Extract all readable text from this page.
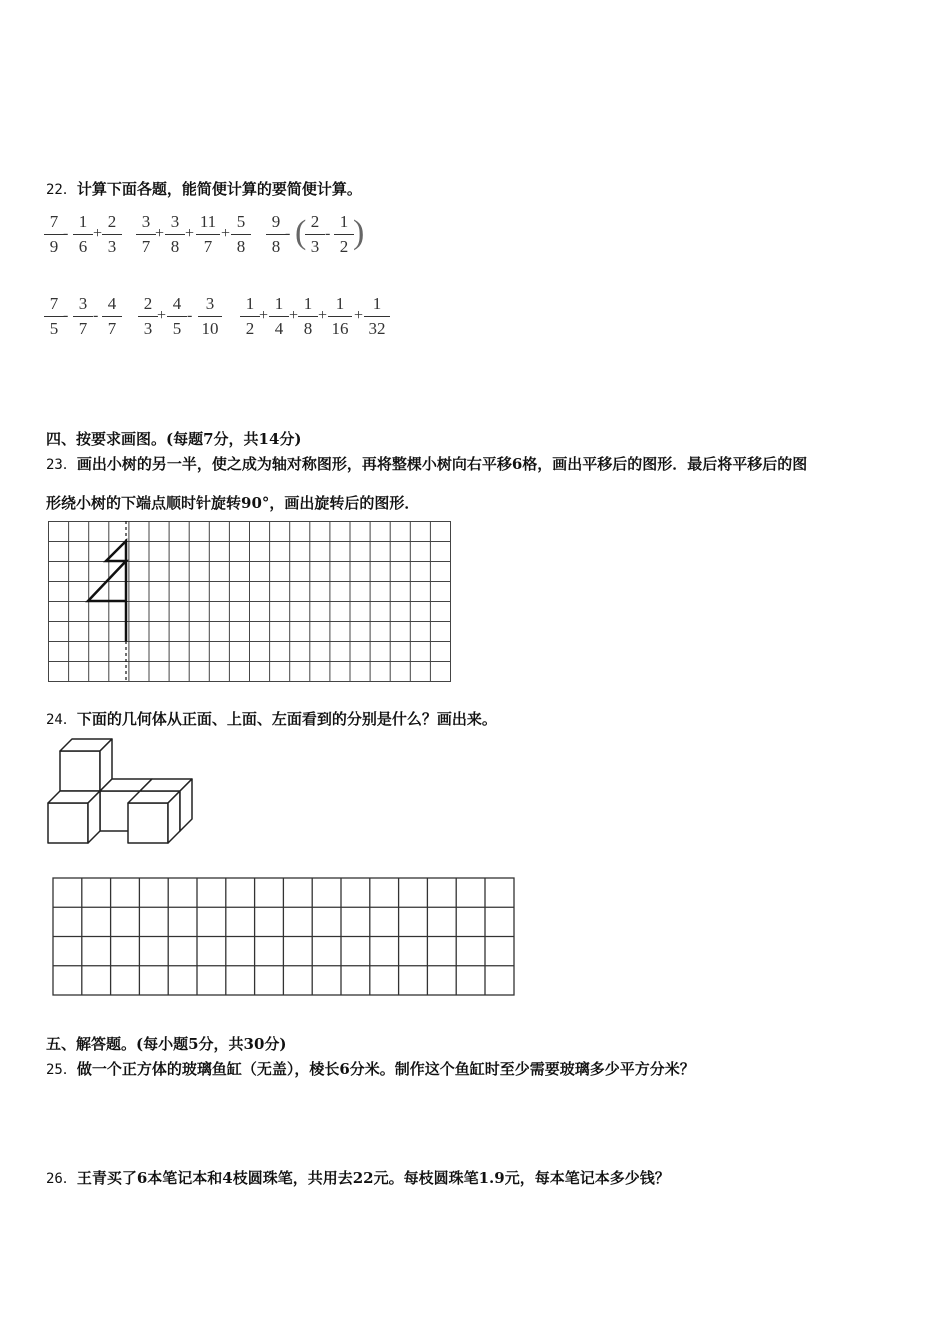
22．计算下面各题，能简便计算的要简便计算。
7
9
-
1
6
+
2
3
3
7
+
3
8
+
11
7
+
5
8
9
8
- ( 2
3
-
1
2 )
7
5
-
3
7
-
4
7
2
3
+
4
5
-
3
10
1
2
+
1
4
+
1
8
+
1
16
+
1
32
四、按要求画图。(每题7分，共14分)
23．画出小树的另一半，使之成为轴对称图形，再将整棵小树向右平移6格，画出平移后的图形．最后将平移后的图
形绕小树的下端点顺时针旋转90°，画出旋转后的图形．
24．下面的几何体从正面、上面、左面看到的分别是什么？画出来。
五、解答题。(每小题5分，共30分)
25．做一个正方体的玻璃鱼缸（无盖），棱长6分米。制作这个鱼缸时至少需要玻璃多少平方分米？
26．王青买了6本笔记本和4枝圆珠笔，共用去22元。每枝圆珠笔1.9元，每本笔记本多少钱？
